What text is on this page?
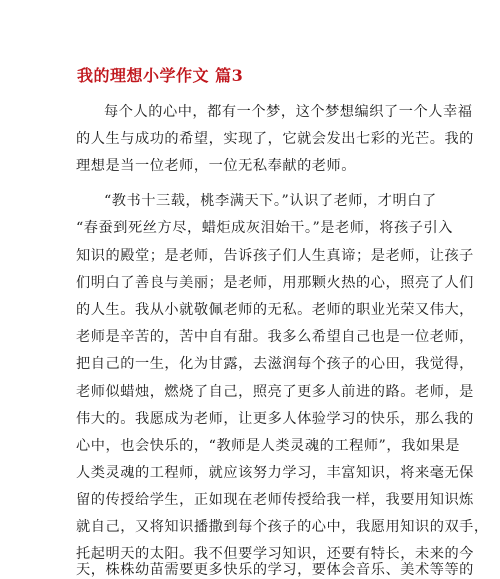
我的理想小学作文 篇3
每个人的心中，都有一个梦，这个梦想编织了一个人幸福
的人生与成功的希望，实现了，它就会发出七彩的光芒。我的
理想是当一位老师，一位无私奉献的老师。
“教书十三载，桃李满天下。”认识了老师，才明白了
“春蚕到死丝方尽，蜡炬成灰泪始干。”是老师，将孩子引入
知识的殿堂；是老师，告诉孩子们人生真谛；是老师，让孩子
们明白了善良与美丽；是老师，用那颗火热的心，照亮了人们
的人生。我从小就敬佩老师的无私。老师的职业光荣又伟大，
老师是辛苦的，苦中自有甜。我多么希望自己也是一位老师，
把自己的一生，化为甘露，去滋润每个孩子的心田，我觉得，
老师似蜡烛，燃烧了自己，照亮了更多人前进的路。老师，是
伟大的。我愿成为老师，让更多人体验学习的快乐，那么我的
心中，也会快乐的，“教师是人类灵魂的工程师”，我如果是
人类灵魂的工程师，就应该努力学习，丰富知识，将来毫无保
留的传授给学生，正如现在老师传授给我一样，我要用知识炼
就自己，又将知识播撒到每个孩子的心中，我愿用知识的双手，
托起明天的太阳。我不但要学习知识，还要有特长，未来的今
天，株株幼苗需要更多快乐的学习，要体会音乐、美术等等的
